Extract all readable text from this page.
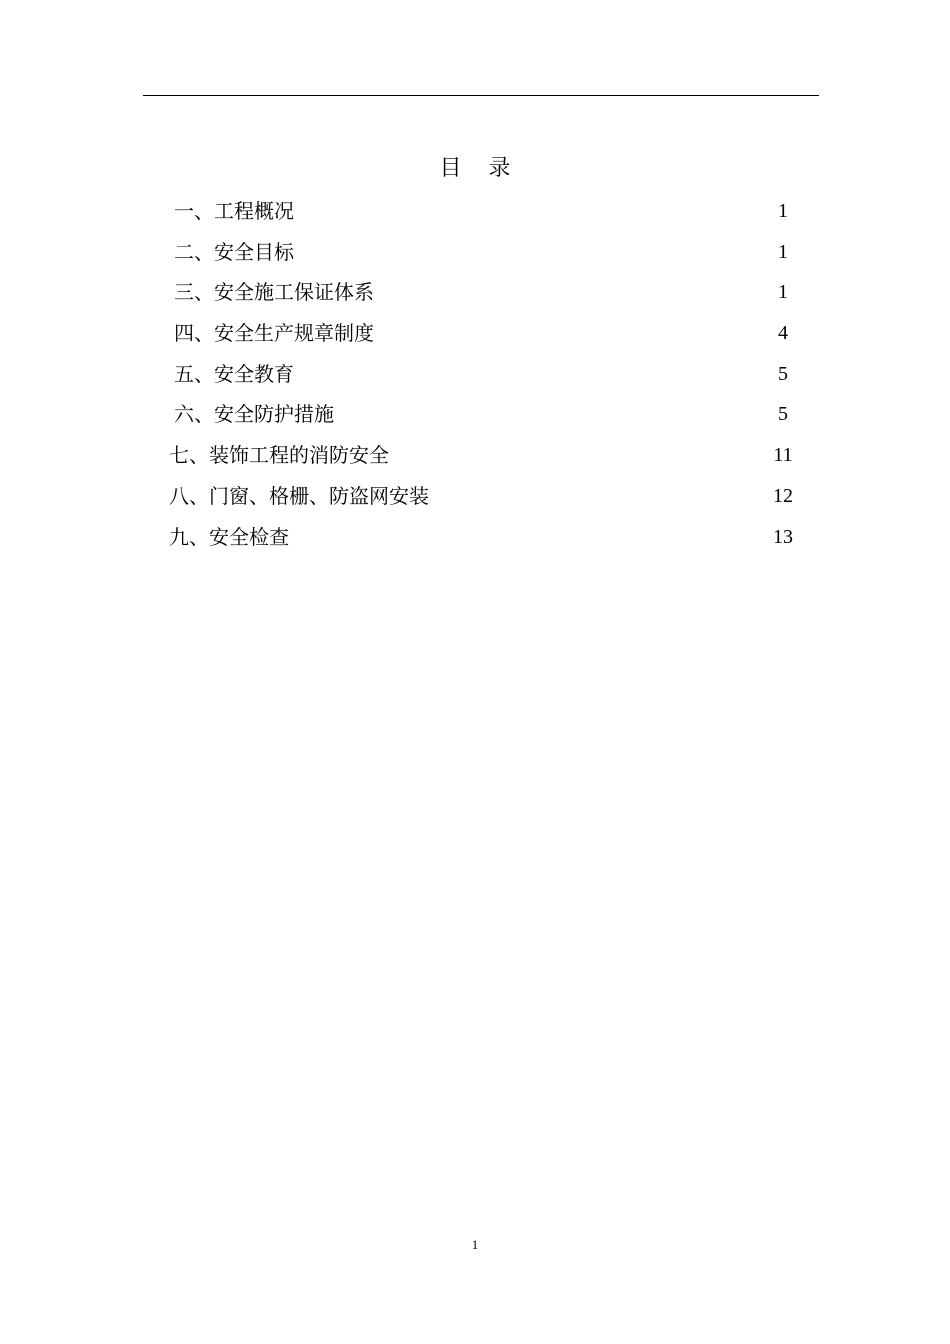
目 录
一、工程概况	1
二、安全目标	1
三、安全施工保证体系	1
四、安全生产规章制度	4
五、安全教育	5
六、安全防护措施	5
七、装饰工程的消防安全	11
八、门窗、格栅、防盗网安装	12
九、安全检查	13
1
